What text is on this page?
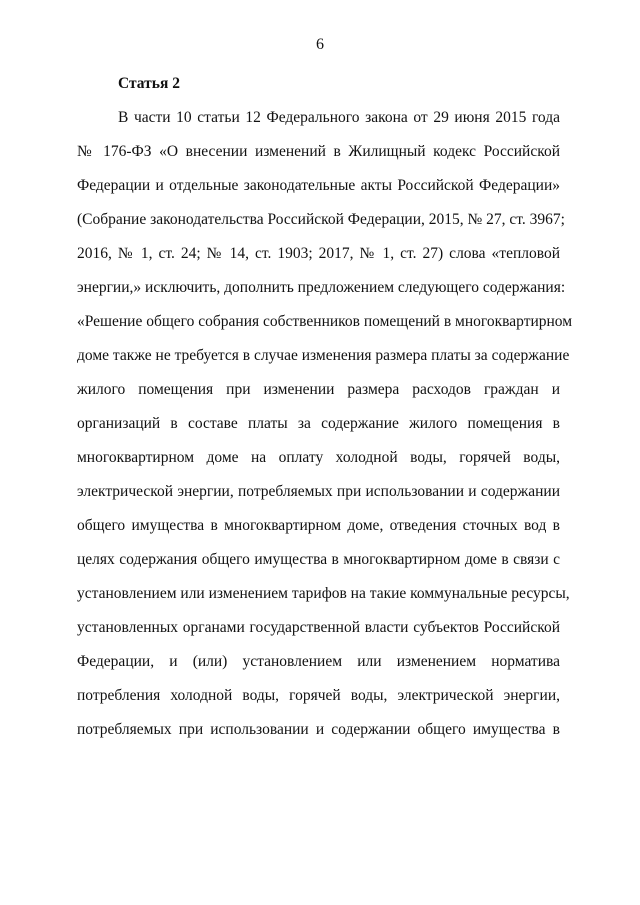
6
Статья 2
В части 10 статьи 12 Федерального закона от 29 июня 2015 года
№ 176-ФЗ «О внесении изменений в Жилищный кодекс Российской
Федерации и отдельные законодательные акты Российской Федерации»
(Собрание законодательства Российской Федерации, 2015, № 27, ст. 3967;
2016, № 1, ст. 24; № 14, ст. 1903; 2017, № 1, ст. 27) слова «тепловой
энергии,» исключить, дополнить предложением следующего содержания:
«Решение общего собрания собственников помещений в многоквартирном
доме также не требуется в случае изменения размера платы за содержание
жилого помещения при изменении размера расходов граждан и
организаций в составе платы за содержание жилого помещения в
многоквартирном доме на оплату холодной воды, горячей воды,
электрической энергии, потребляемых при использовании и содержании
общего имущества в многоквартирном доме, отведения сточных вод в
целях содержания общего имущества в многоквартирном доме в связи с
установлением или изменением тарифов на такие коммунальные ресурсы,
установленных органами государственной власти субъектов Российской
Федерации, и (или) установлением или изменением норматива
потребления холодной воды, горячей воды, электрической энергии,
потребляемых при использовании и содержании общего имущества в
